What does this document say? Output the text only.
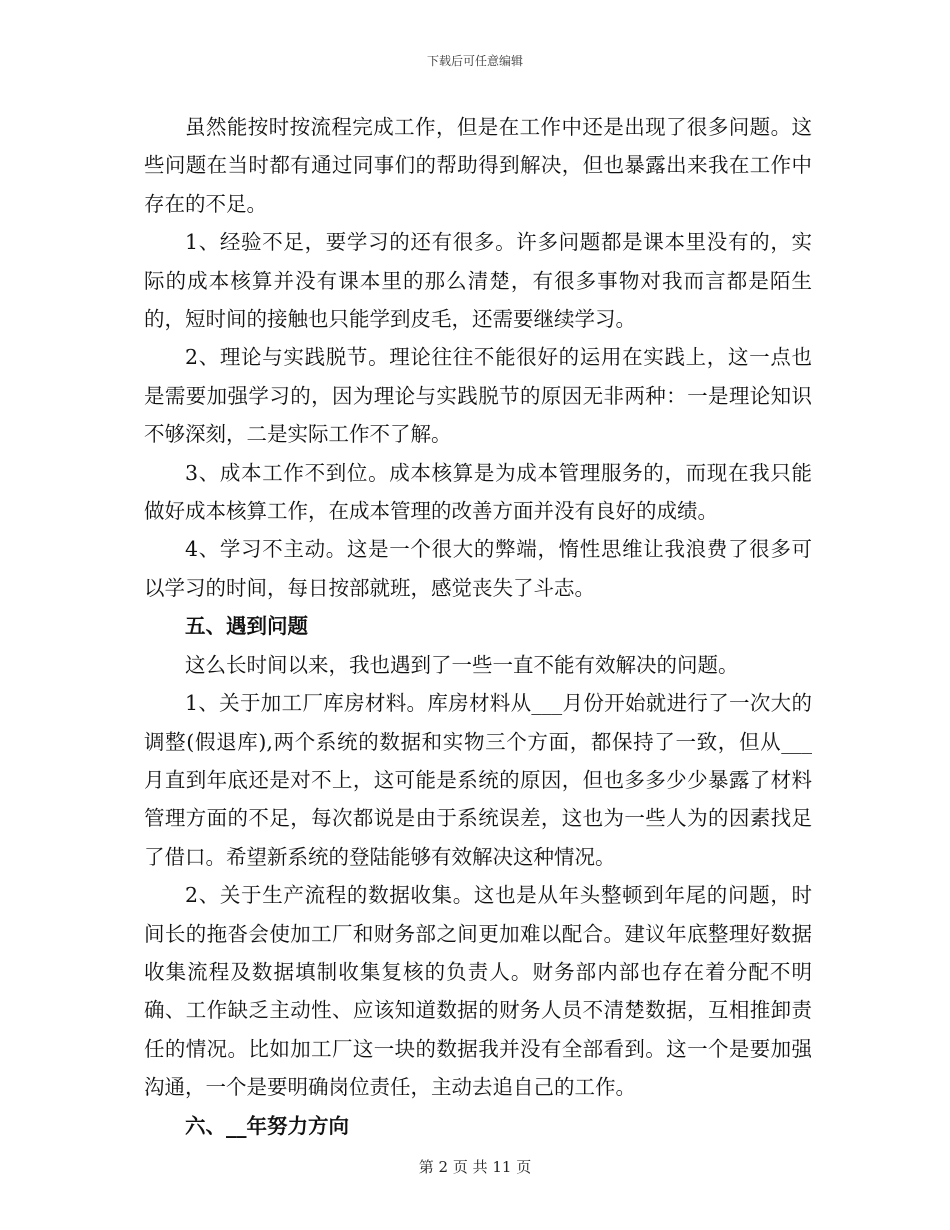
下载后可任意编辑

虽然能按时按流程完成工作，但是在工作中还是出现了很多问题。这些问题在当时都有通过同事们的帮助得到解决，但也暴露出来我在工作中存在的不足。

1、经验不足，要学习的还有很多。许多问题都是课本里没有的，实际的成本核算并没有课本里的那么清楚，有很多事物对我而言都是陌生的，短时间的接触也只能学到皮毛，还需要继续学习。

2、理论与实践脱节。理论往往不能很好的运用在实践上，这一点也是需要加强学习的，因为理论与实践脱节的原因无非两种：一是理论知识不够深刻，二是实际工作不了解。

3、成本工作不到位。成本核算是为成本管理服务的，而现在我只能做好成本核算工作，在成本管理的改善方面并没有良好的成绩。

4、学习不主动。这是一个很大的弊端，惰性思维让我浪费了很多可以学习的时间，每日按部就班，感觉丧失了斗志。

五、遇到问题

这么长时间以来，我也遇到了一些一直不能有效解决的问题。

1、关于加工厂库房材料。库房材料从___月份开始就进行了一次大的调整(假退库),两个系统的数据和实物三个方面，都保持了一致，但从___月直到年底还是对不上，这可能是系统的原因，但也多多少少暴露了材料管理方面的不足，每次都说是由于系统误差，这也为一些人为的因素找足了借口。希望新系统的登陆能够有效解决这种情况。

2、关于生产流程的数据收集。这也是从年头整顿到年尾的问题，时间长的拖沓会使加工厂和财务部之间更加难以配合。建议年底整理好数据收集流程及数据填制收集复核的负责人。财务部内部也存在着分配不明确、工作缺乏主动性、应该知道数据的财务人员不清楚数据，互相推卸责任的情况。比如加工厂这一块的数据我并没有全部看到。这一个是要加强沟通，一个是要明确岗位责任，主动去追自己的工作。

六、__年努力方向

第 2 页 共 11 页
